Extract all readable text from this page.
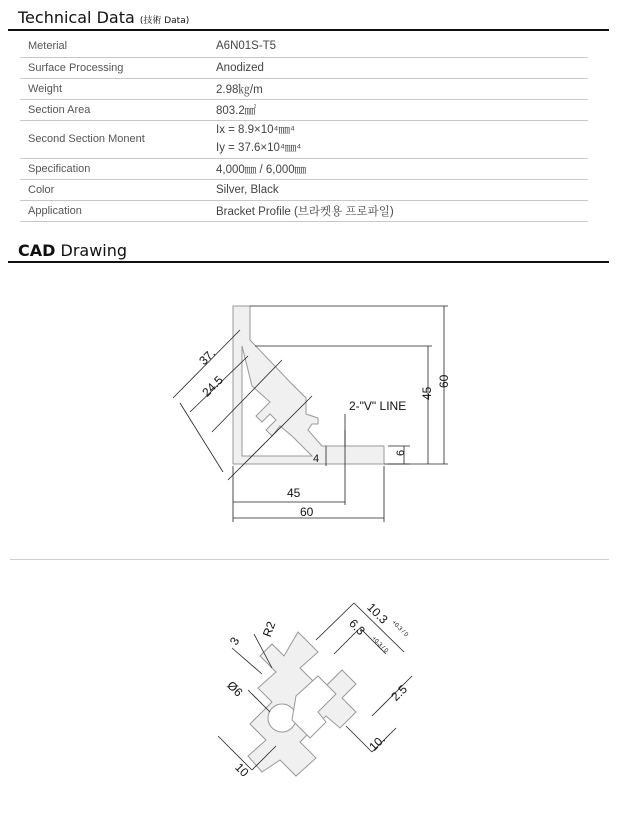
Technical Data (技術 Data)
Meterial	A6N01S-T5
Surface Processing	Anodized
Weight	2.98㎏/m
Section Area	803.2㎟
Second Section Monent	Ix = 8.9×10⁴㎜⁴
Iy = 37.6×10⁴㎜⁴

Specification	4,000㎜ / 6,000㎜
Color	Silver, Black
Application	Bracket Profile (브라켓용 프로파일)
CAD Drawing
37.
24.5
2-"V" LINE
45
60
4
6
45
60
3
R2
10.3
+0.3 / 0
6.3
+0.3 / 0
Ø6	2.5
10.
10
